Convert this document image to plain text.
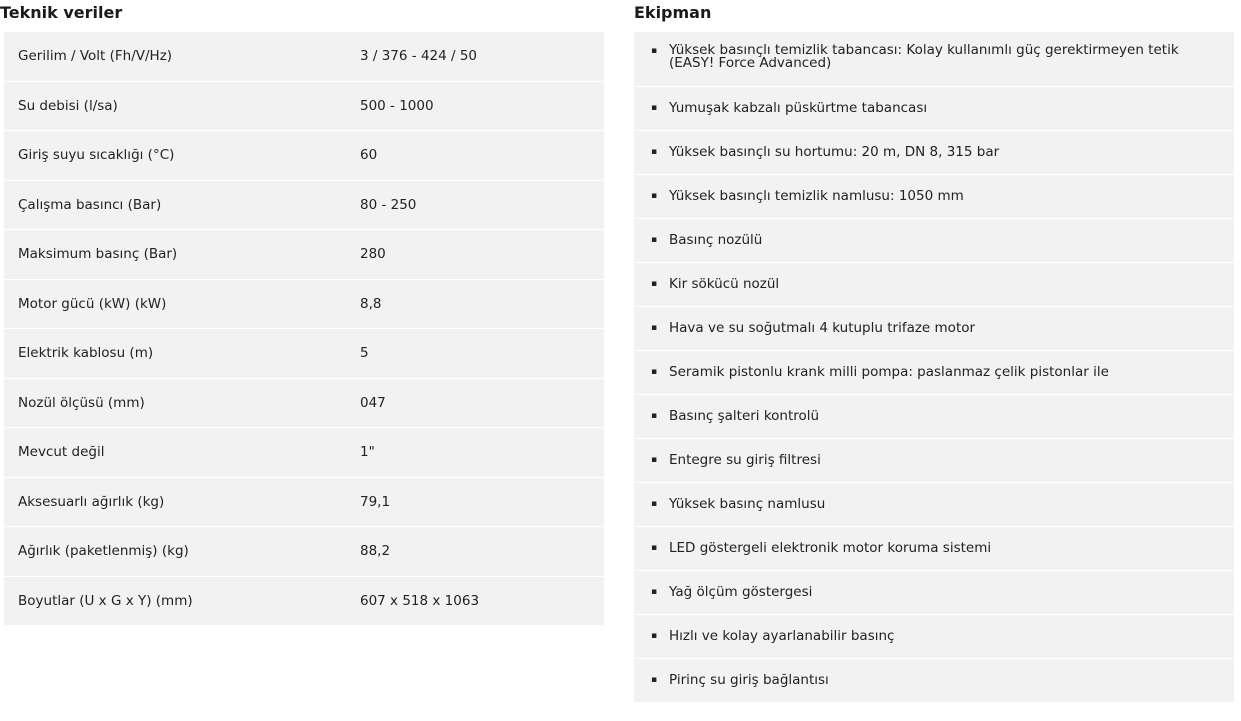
Teknik veriler
Gerilim / Volt (Fh/V/Hz)	3 / 376 - 424 / 50
Su debisi (l/sa)	500 - 1000
Giriş suyu sıcaklığı (°C)	60
Çalışma basıncı (Bar)	80 - 250
Maksimum basınç (Bar)	280
Motor gücü (kW) (kW)	8,8
Elektrik kablosu (m)	5
Nozül ölçüsü (mm)	047
Mevcut değil	1"
Aksesuarlı ağırlık (kg)	79,1
Ağırlık (paketlenmiş) (kg)	88,2
Boyutlar (U x G x Y) (mm)	607 x 518 x 1063
Ekipman
▪ Yüksek basınçlı temizlik tabancası: Kolay kullanımlı güç gerektirmeyen tetik (EASY! Force Advanced)
▪ Yumuşak kabzalı püskürtme tabancası
▪ Yüksek basınçlı su hortumu: 20 m, DN 8, 315 bar
▪ Yüksek basınçlı temizlik namlusu: 1050 mm
▪ Basınç nozülü
▪ Kir sökücü nozül
▪ Hava ve su soğutmalı 4 kutuplu trifaze motor
▪ Seramik pistonlu krank milli pompa: paslanmaz çelik pistonlar ile
▪ Basınç şalteri kontrolü
▪ Entegre su giriş filtresi
▪ Yüksek basınç namlusu
▪ LED göstergeli elektronik motor koruma sistemi
▪ Yağ ölçüm göstergesi
▪ Hızlı ve kolay ayarlanabilir basınç
▪ Pirinç su giriş bağlantısı
